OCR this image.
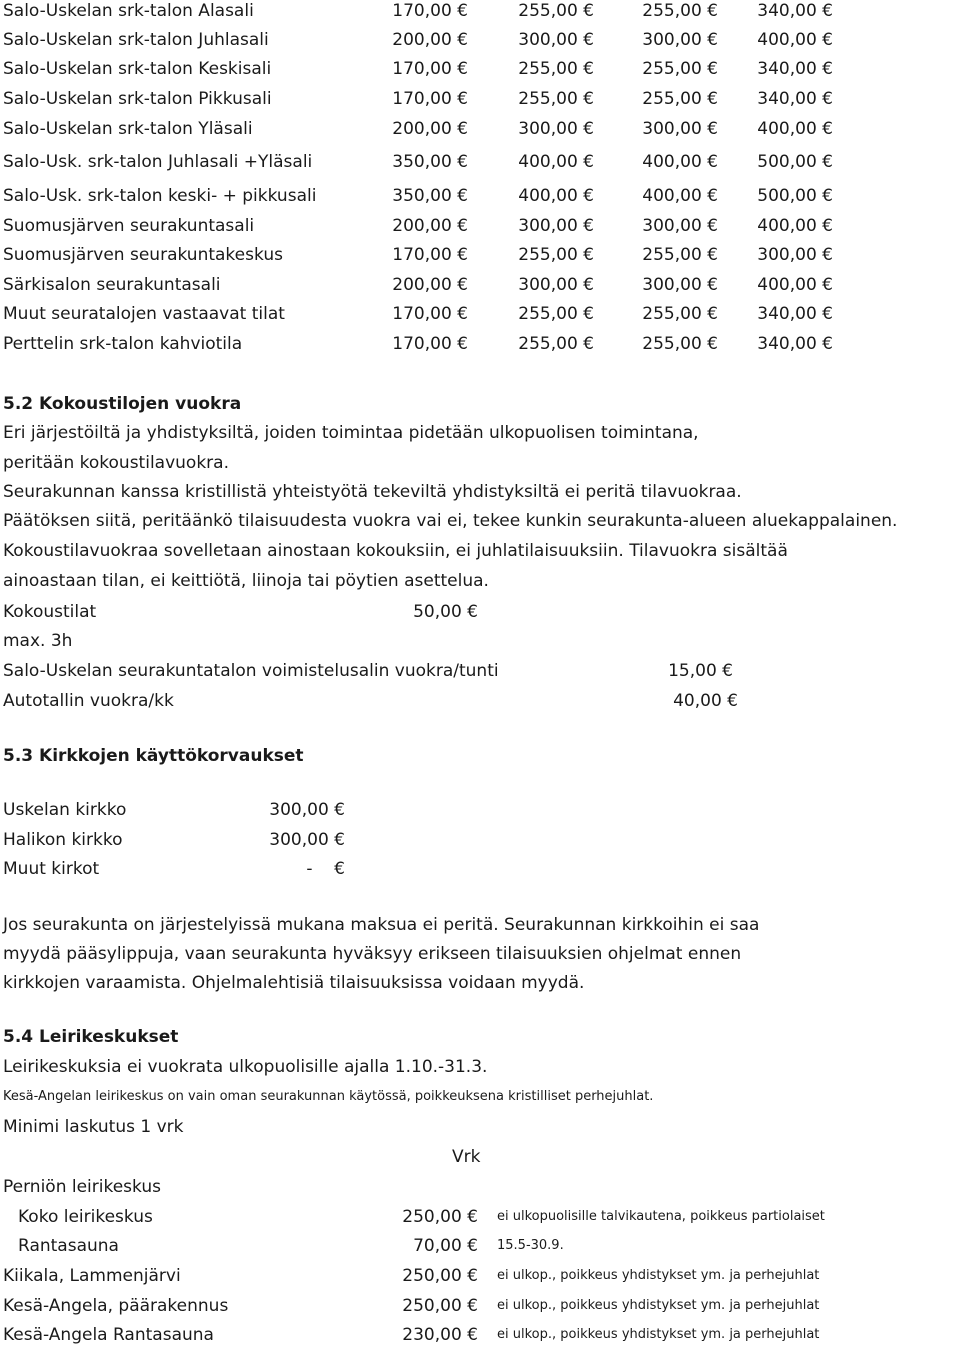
Salo-Uskelan srk-talon Alasali	170,00 €	255,00 €	255,00 €	340,00 €
Salo-Uskelan srk-talon Juhlasali	200,00 €	300,00 €	300,00 €	400,00 €
Salo-Uskelan srk-talon Keskisali	170,00 €	255,00 €	255,00 €	340,00 €
Salo-Uskelan srk-talon Pikkusali	170,00 €	255,00 €	255,00 €	340,00 €
Salo-Uskelan srk-talon Yläsali	200,00 €	300,00 €	300,00 €	400,00 €
Salo-Usk. srk-talon Juhlasali +Yläsali	350,00 €	400,00 €	400,00 €	500,00 €
Salo-Usk. srk-talon keski- + pikkusali	350,00 €	400,00 €	400,00 €	500,00 €
Suomusjärven seurakuntasali	200,00 €	300,00 €	300,00 €	400,00 €
Suomusjärven seurakuntakeskus	170,00 €	255,00 €	255,00 €	300,00 €
Särkisalon seurakuntasali	200,00 €	300,00 €	300,00 €	400,00 €
Muut seuratalojen vastaavat tilat	170,00 €	255,00 €	255,00 €	340,00 €
Perttelin srk-talon kahviotila	170,00 €	255,00 €	255,00 €	340,00 €
5.2 Kokoustilojen vuokra
Eri järjestöiltä ja yhdistyksiltä, joiden toimintaa pidetään ulkopuolisen toimintana,
peritään kokoustilavuokra.
Seurakunnan kanssa kristillistä yhteistyötä tekeviltä yhdistyksiltä ei peritä tilavuokraa.
Päätöksen siitä, peritäänkö tilaisuudesta vuokra vai ei, tekee kunkin seurakunta-alueen aluekappalainen.
Kokoustilavuokraa sovelletaan ainostaan kokouksiin, ei juhlatilaisuuksiin. Tilavuokra sisältää
ainoastaan tilan, ei keittiötä, liinoja tai pöytien asettelua.
Kokoustilat	50,00 €
max. 3h
Salo-Uskelan seurakuntatalon voimistelusalin vuokra/tunti	15,00 €
Autotallin vuokra/kk	40,00 €
5.3 Kirkkojen käyttökorvaukset
Uskelan kirkko	300,00 €
Halikon kirkko	300,00 €
Muut kirkot	-    €
Jos seurakunta on järjestelyissä mukana maksua ei peritä. Seurakunnan kirkkoihin ei saa
myydä pääsylippuja, vaan seurakunta hyväksyy erikseen tilaisuuksien ohjelmat ennen
kirkkojen varaamista. Ohjelmalehtisiä tilaisuuksissa voidaan myydä.
5.4 Leirikeskukset
Leirikeskuksia ei vuokrata ulkopuolisille ajalla 1.10.-31.3.
Kesä-Angelan leirikeskus on vain oman seurakunnan käytössä, poikkeuksena kristilliset perhejuhlat.
Minimi laskutus 1 vrk
Vrk
Perniön leirikeskus
Koko leirikeskus	250,00 € ei ulkopuolisille talvikautena, poikkeus partiolaiset
Rantasauna	70,00 € 15.5-30.9.
Kiikala, Lammenjärvi	250,00 € ei ulkop., poikkeus yhdistykset ym. ja perhejuhlat
Kesä-Angela, päärakennus	250,00 € ei ulkop., poikkeus yhdistykset ym. ja perhejuhlat
Kesä-Angela Rantasauna	230,00 € ei ulkop., poikkeus yhdistykset ym. ja perhejuhlat
